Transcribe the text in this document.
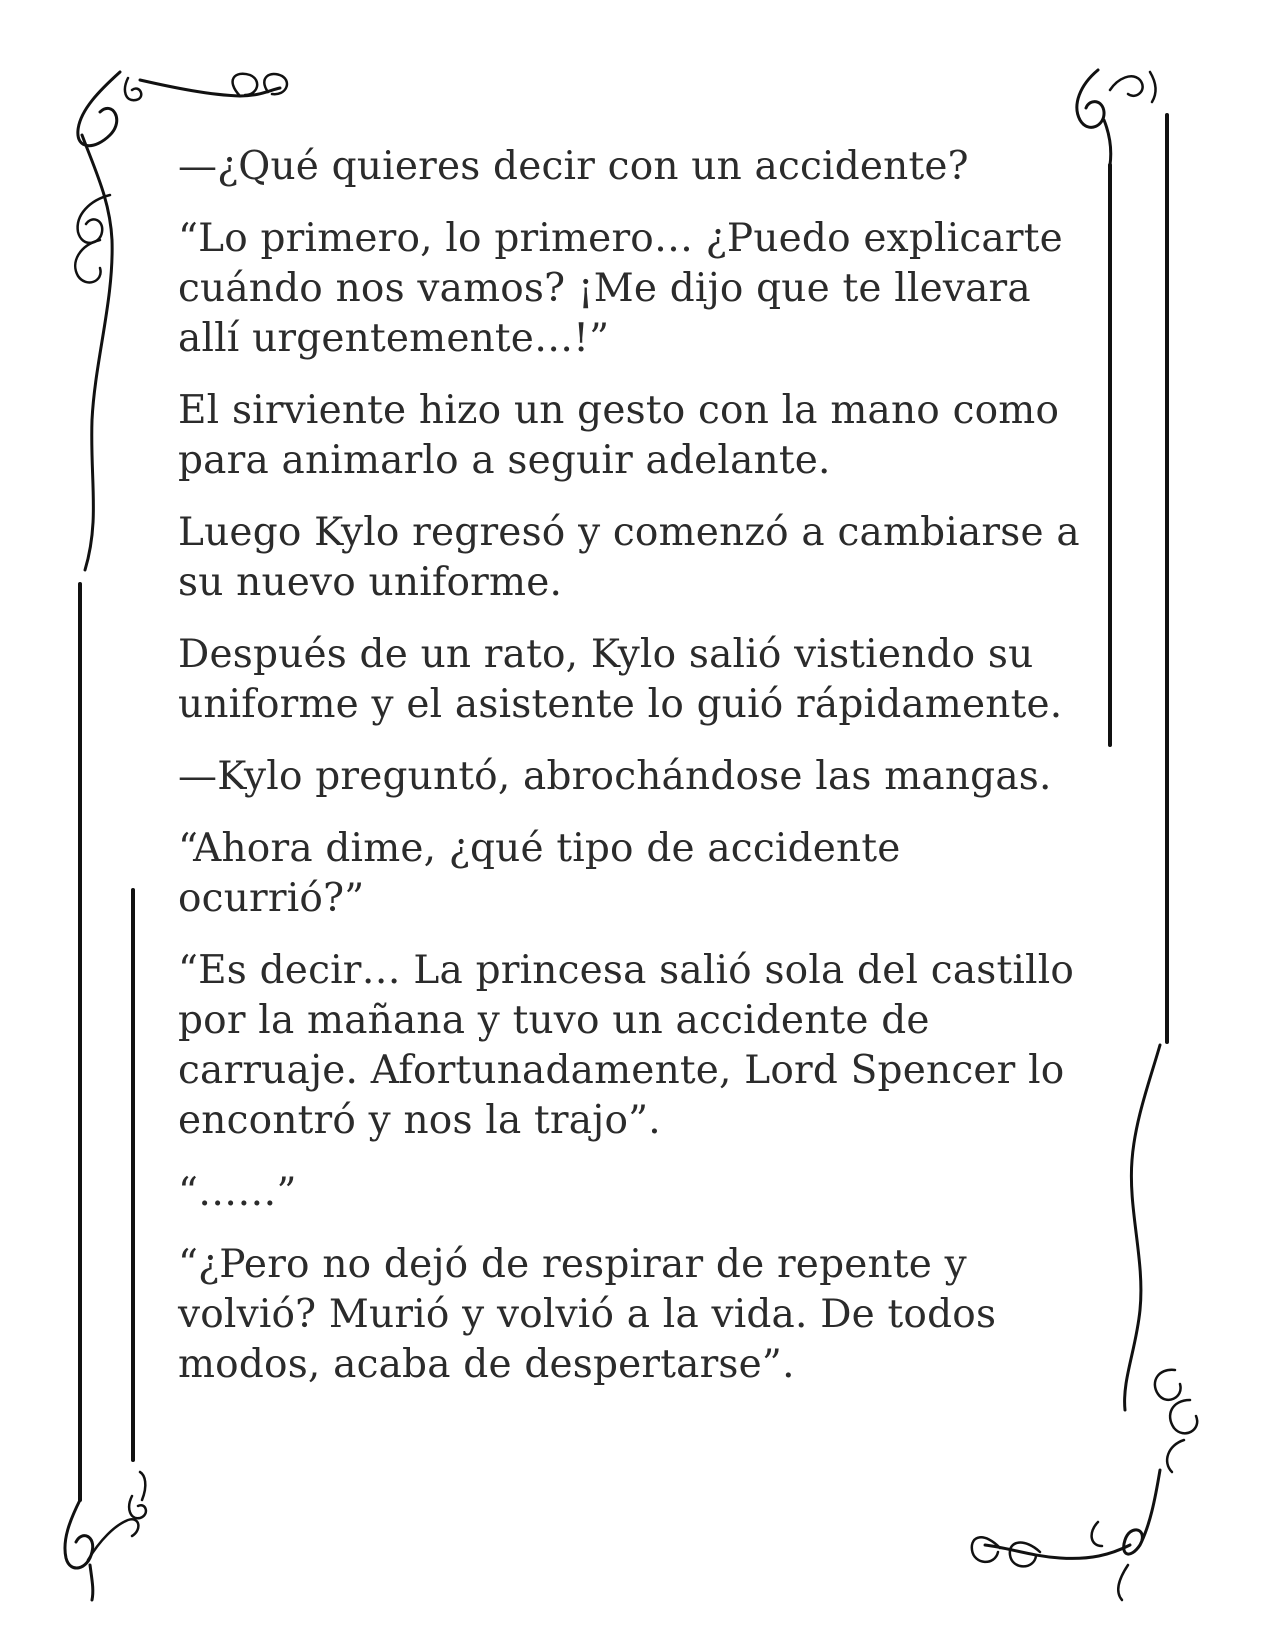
—¿Qué quieres decir con un accidente?

“Lo primero, lo primero… ¿Puedo explicarte cuándo nos vamos? ¡Me dijo que te llevara allí urgentemente…!”

El sirviente hizo un gesto con la mano como para animarlo a seguir adelante.

Luego Kylo regresó y comenzó a cambiarse a su nuevo uniforme.

Después de un rato, Kylo salió vistiendo su uniforme y el asistente lo guió rápidamente.

—Kylo preguntó, abrochándose las mangas.

“Ahora dime, ¿qué tipo de accidente ocurrió?”

“Es decir… La princesa salió sola del castillo por la mañana y tuvo un accidente de carruaje. Afortunadamente, Lord Spencer lo encontró y nos la trajo”.

“……”

“¿Pero no dejó de respirar de repente y volvió? Murió y volvió a la vida. De todos modos, acaba de despertarse”.
